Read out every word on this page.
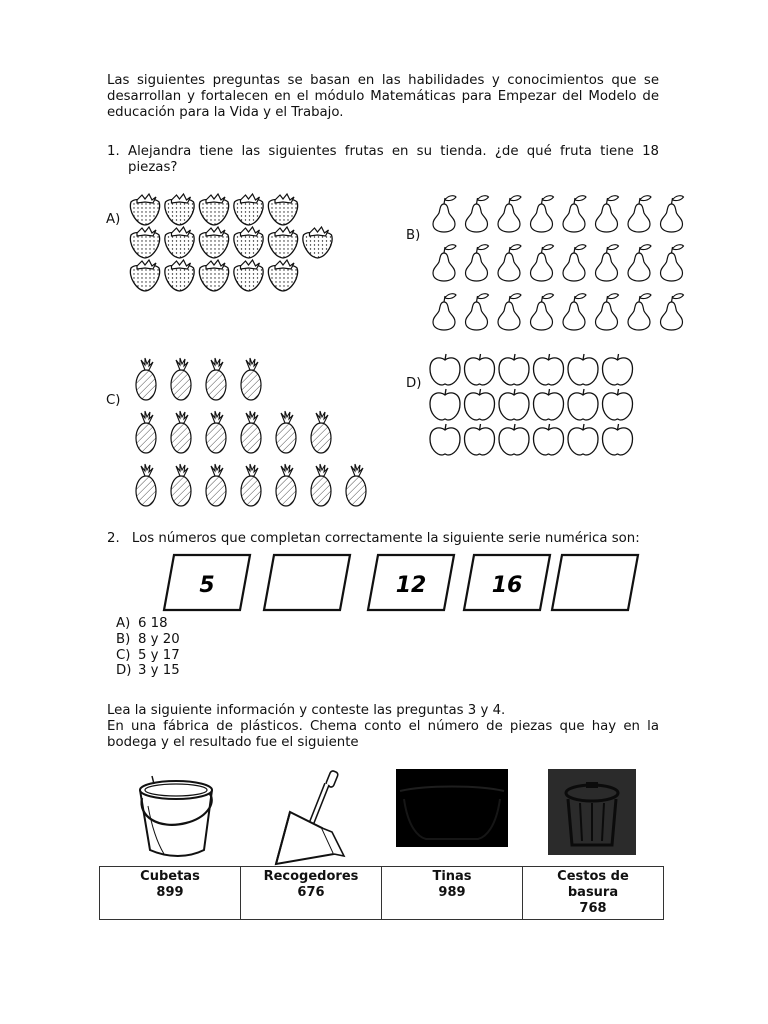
Las siguientes preguntas se basan en las habilidades y conocimientos que se desarrollan y fortalecen en el módulo Matemáticas para Empezar del Modelo de educación para la Vida y el Trabajo.
1. Alejandra tiene las siguientes frutas en su tienda. ¿de qué fruta tiene 18 piezas?
A)
B)
C)
D)
2. Los números que completan correctamente la siguiente serie numérica son:
5	12	16
A) 6 18
B) 8 y 20
C) 5 y 17
D) 3 y 15
Lea la siguiente información y conteste las preguntas 3 y 4.
En una fábrica de plásticos. Chema conto el número de piezas que hay en la bodega y el resultado fue el siguiente
Cubetas
899

Recogedores
676

Tinas
989

Cestos de basura
768
